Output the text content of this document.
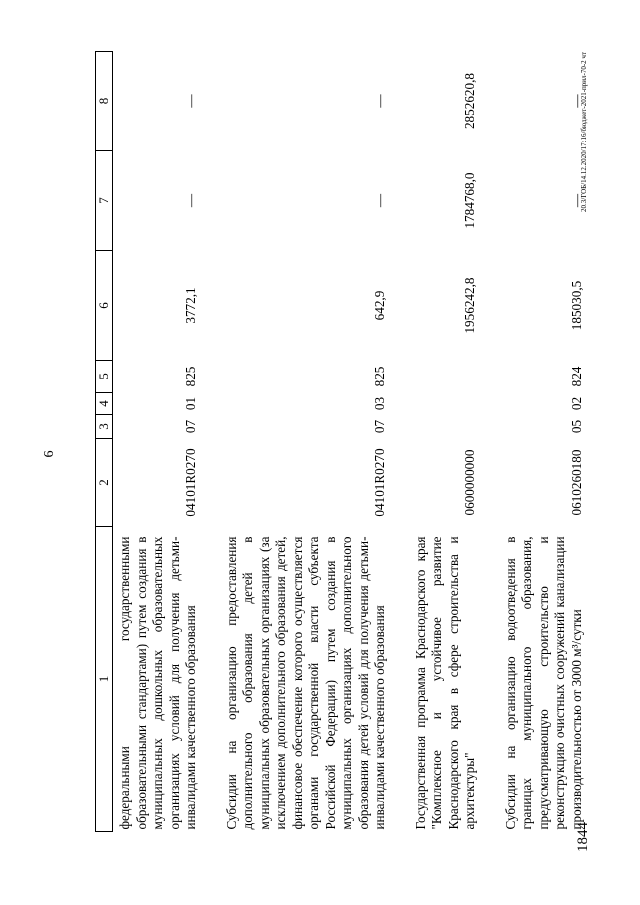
6
1	2	3	4	5	6	7	8
федеральными государственными образовательными стандартами) путем создания в муниципальных дошкольных образовательных организациях условий для получения детьми-инвалидами качественного образования	04101R0270	07	01	825	3772,1	—	—
Субсидии на организацию предоставления дополнительного образования детей в муниципальных образовательных организациях (за исключением дополнительного образования детей, финансовое обеспечение которого осуществляется органами государственной власти субъекта Российской Федерации) путем создания в муниципальных организациях дополнительного образования детей условий для получения детьми-инвалидами качественного образования	04101R0270	07	03	825	642,9	—	—
Государственная программа Краснодарского края "Комплексное и устойчивое развитие Краснодарского края в сфере строительства и архитектуры"	0600000000				1956242,8	1784768,0	2852620,8
Субсидии на организацию водоотведения в границах муниципального образования, предусматривающую строительство и реконструкцию очистных сооружений канализации производительностью от 3000 м³/сутки	0610260180	05	02	824	185030,5	—	—
20.3/ГОБ/14.12.2020/17:16/бюджет-2021-прил-70-2 чт
1844
